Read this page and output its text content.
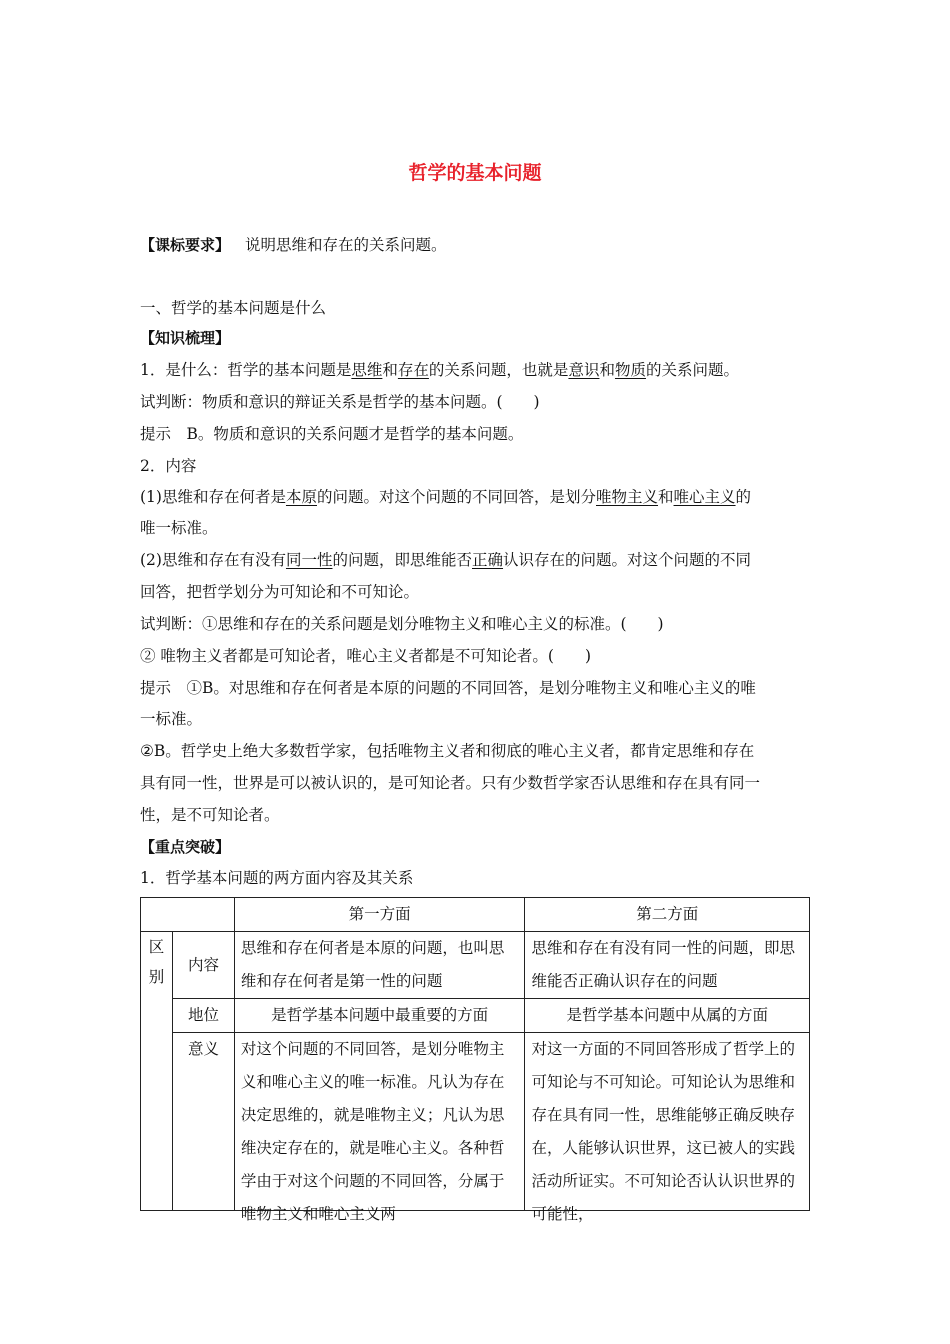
哲学的基本问题
【课标要求】 说明思维和存在的关系问题。
一、哲学的基本问题是什么
【知识梳理】
1．是什么：哲学的基本问题是思维和存在的关系问题，也就是意识和物质的关系问题。
试判断：物质和意识的辩证关系是哲学的基本问题。(　　)
提示　B。物质和意识的关系问题才是哲学的基本问题。
2．内容
(1)思维和存在何者是本原的问题。对这个问题的不同回答，是划分唯物主义和唯心主义的
唯一标准。
(2)思维和存在有没有同一性的问题，即思维能否正确认识存在的问题。对这个问题的不同
回答，把哲学划分为可知论和不可知论。
试判断：①思维和存在的关系问题是划分唯物主义和唯心主义的标准。(　　)
② 唯物主义者都是可知论者，唯心主义者都是不可知论者。(　　)
提示　①B。对思维和存在何者是本原的问题的不同回答，是划分唯物主义和唯心主义的唯
一标准。
②B。哲学史上绝大多数哲学家，包括唯物主义者和彻底的唯心主义者，都肯定思维和存在
具有同一性，世界是可以被认识的，是可知论者。只有少数哲学家否认思维和存在具有同一
性，是不可知论者。
【重点突破】
1．哲学基本问题的两方面内容及其关系
		第一方面	第二方面
区别	内容	思维和存在何者是本原的问题，也叫思维和存在何者是第一性的问题	思维和存在有没有同一性的问题，即思维能否正确认识存在的问题
	地位	是哲学基本问题中最重要的方面	是哲学基本问题中从属的方面
	意义	对这个问题的不同回答，是划分唯物主义和唯心主义的唯一标准。凡认为存在决定思维的，就是唯物主义；凡认为思维决定存在的，就是唯心主义。各种哲学由于对这个问题的不同回答，分属于唯物主义和唯心主义两	对这一方面的不同回答形成了哲学上的可知论与不可知论。可知论认为思维和存在具有同一性，思维能够正确反映存在，人能够认识世界，这已被人的实践活动所证实。不可知论否认认识世界的可能性，
